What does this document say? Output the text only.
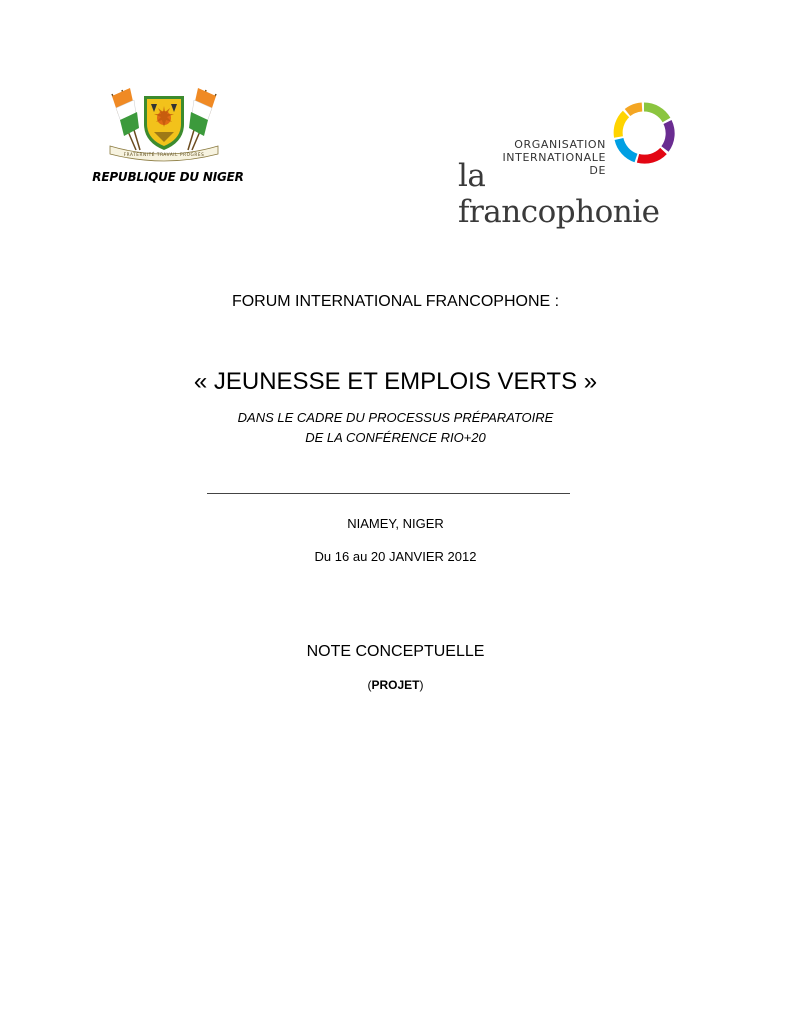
FRATERNITÉ TRAVAIL PROGRÈS
REPUBLIQUE DU NIGER
ORGANISATION
INTERNATIONALE DE
la francophonie
FORUM INTERNATIONAL FRANCOPHONE :
« JEUNESSE ET EMPLOIS VERTS »
DANS LE CADRE DU PROCESSUS PRÉPARATOIRE
DE LA CONFÉRENCE RIO+20
NIAMEY, NIGER
Du 16 au 20 JANVIER 2012
NOTE CONCEPTUELLE
(PROJET)
